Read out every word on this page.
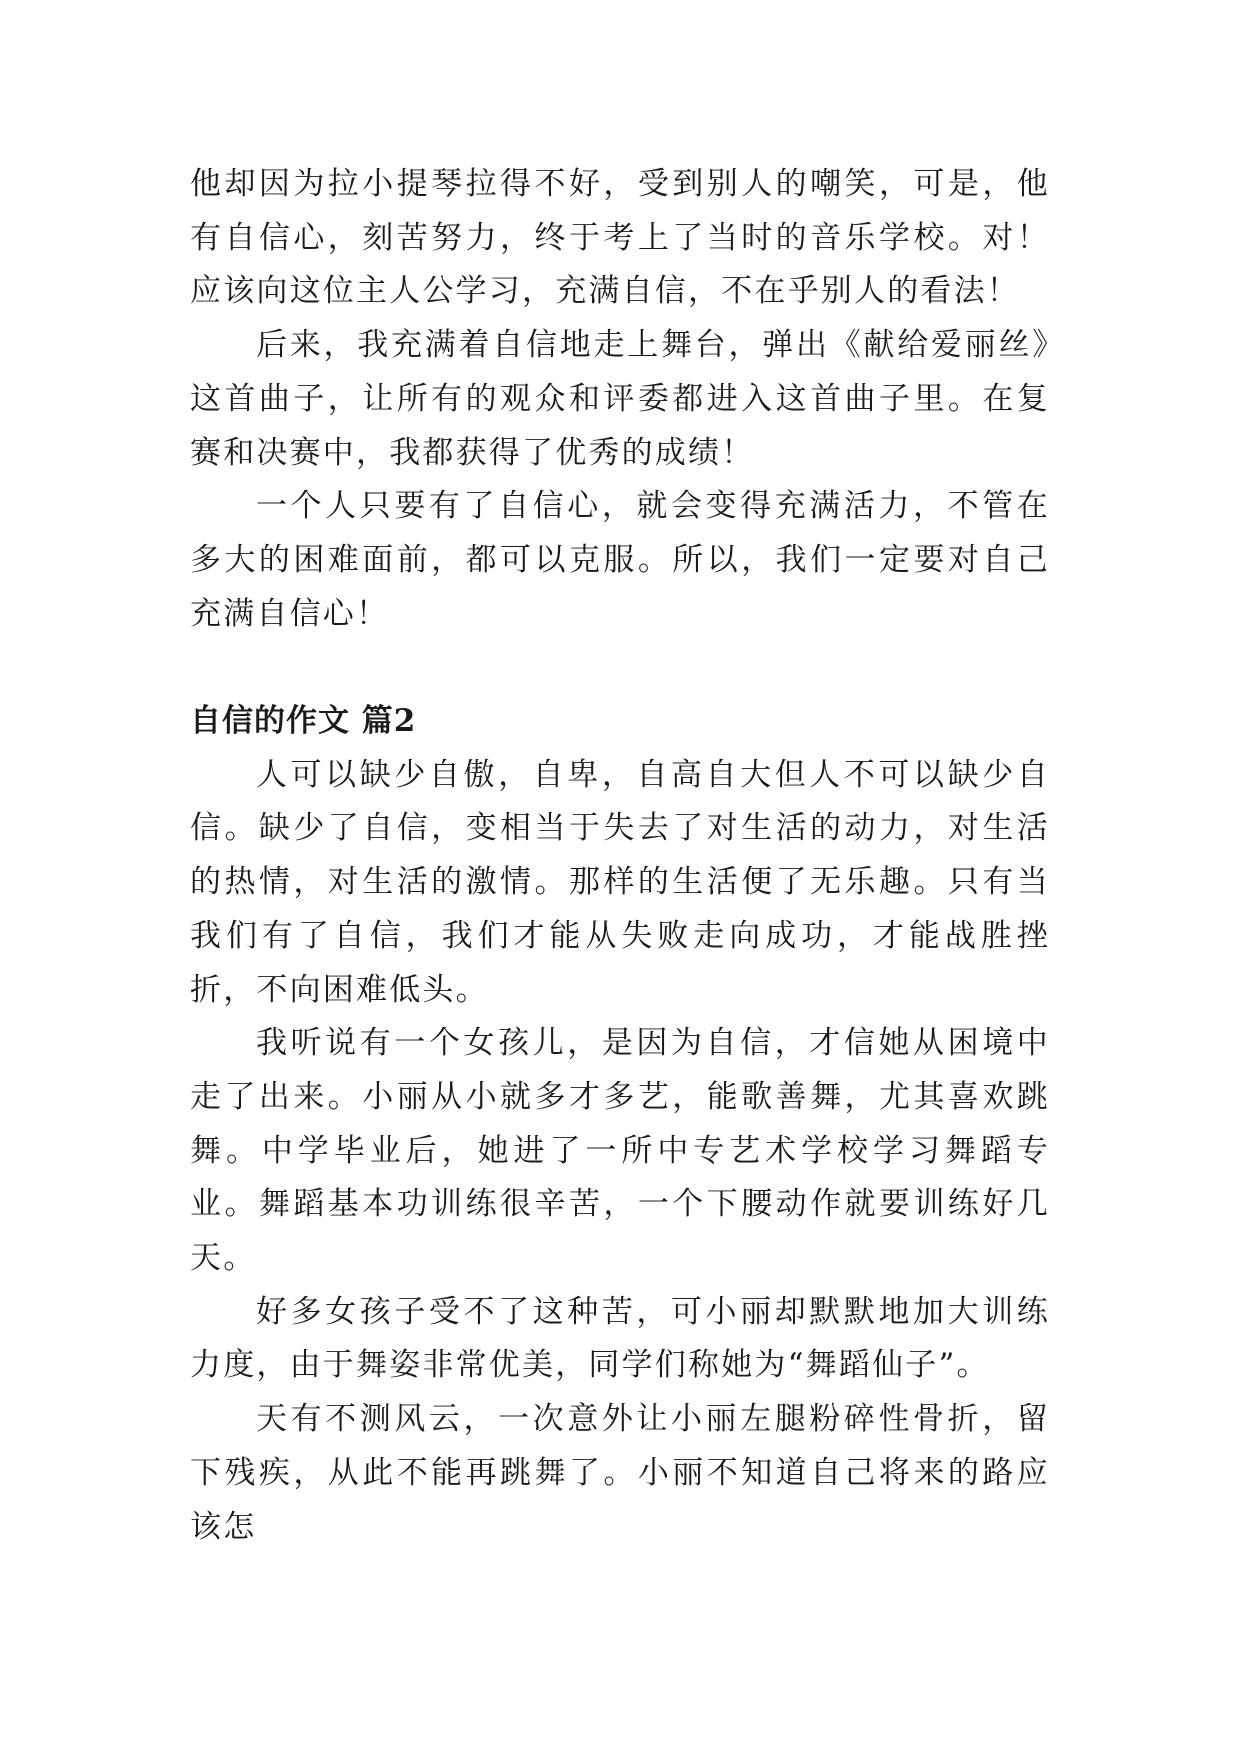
他却因为拉小提琴拉得不好，受到别人的嘲笑，可是，他有自信心，刻苦努力，终于考上了当时的音乐学校。对！应该向这位主人公学习，充满自信，不在乎别人的看法！

后来，我充满着自信地走上舞台，弹出《献给爱丽丝》这首曲子，让所有的观众和评委都进入这首曲子里。在复赛和决赛中，我都获得了优秀的成绩！

一个人只要有了自信心，就会变得充满活力，不管在多大的困难面前，都可以克服。所以，我们一定要对自己充满自信心！

自信的作文 篇2

人可以缺少自傲，自卑，自高自大但人不可以缺少自信。缺少了自信，变相当于失去了对生活的动力，对生活的热情，对生活的激情。那样的生活便了无乐趣。只有当我们有了自信，我们才能从失败走向成功，才能战胜挫折，不向困难低头。

我听说有一个女孩儿，是因为自信，才信她从困境中走了出来。小丽从小就多才多艺，能歌善舞，尤其喜欢跳舞。中学毕业后，她进了一所中专艺术学校学习舞蹈专业。舞蹈基本功训练很辛苦，一个下腰动作就要训练好几天。

好多女孩子受不了这种苦，可小丽却默默地加大训练力度，由于舞姿非常优美，同学们称她为“舞蹈仙子”。

天有不测风云，一次意外让小丽左腿粉碎性骨折，留下残疾，从此不能再跳舞了。小丽不知道自己将来的路应该怎
